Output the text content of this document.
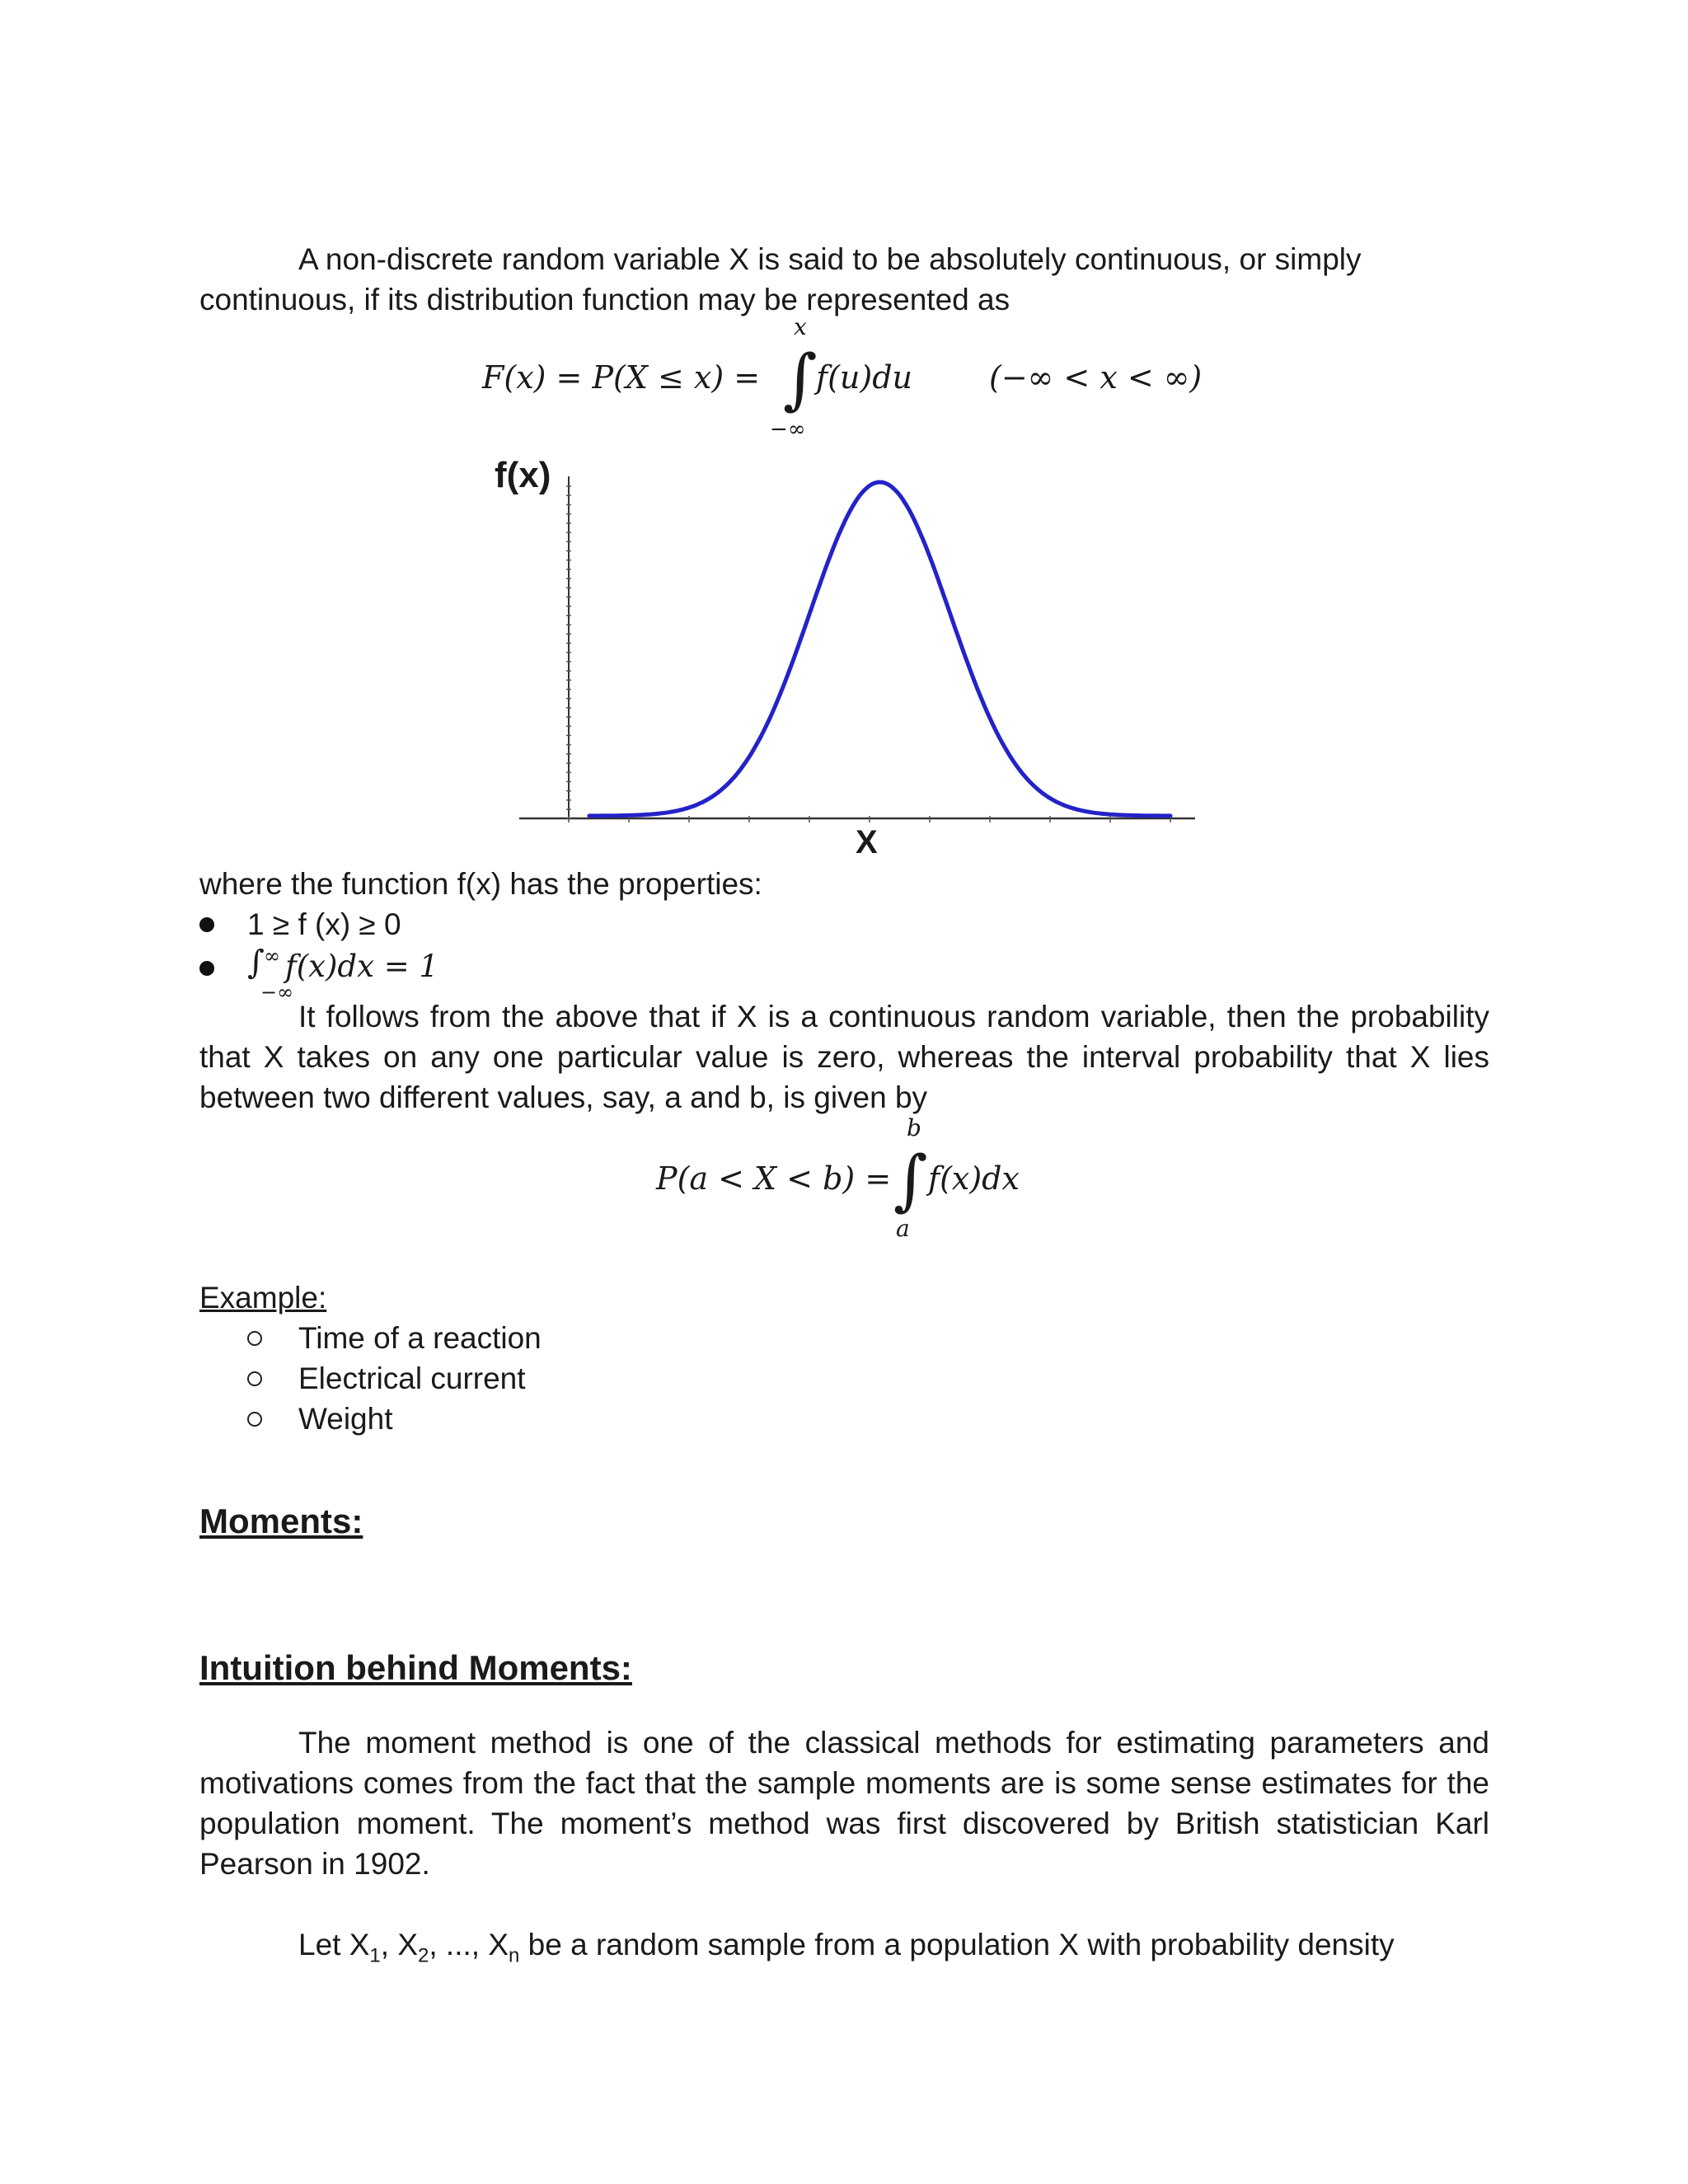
A non-discrete random variable X is said to be absolutely continuous, or simply
continuous, if its distribution function may be represented as

F(x) = P(X ≤ x) =
x
∫
−∞
f(u)du (−∞ < x < ∞)
f(x)
X

where the function f(x) has the properties:

1 ≥ f (x) ≥ 0
∫ ∞
−∞
f(x)dx = 1

It follows from the above that if X is a continuous random variable, then the probability that X takes on any one particular value is zero, whereas the interval probability that X lies between two different values, say, a and b, is given by

P(a < X < b) =
b
∫
a
f(x)dx

Example:

Time of a reaction
Electrical current
Weight
Moments:
Intuition behind Moments:

The moment method is one of the classical methods for estimating parameters and motivations comes from the fact that the sample moments are is some sense estimates for the population moment. The moment’s method was first discovered by British statistician Karl Pearson in 1902.

Let $X_1$, $X_2$, ..., $X_n$ be a random sample from a population X with probability density
